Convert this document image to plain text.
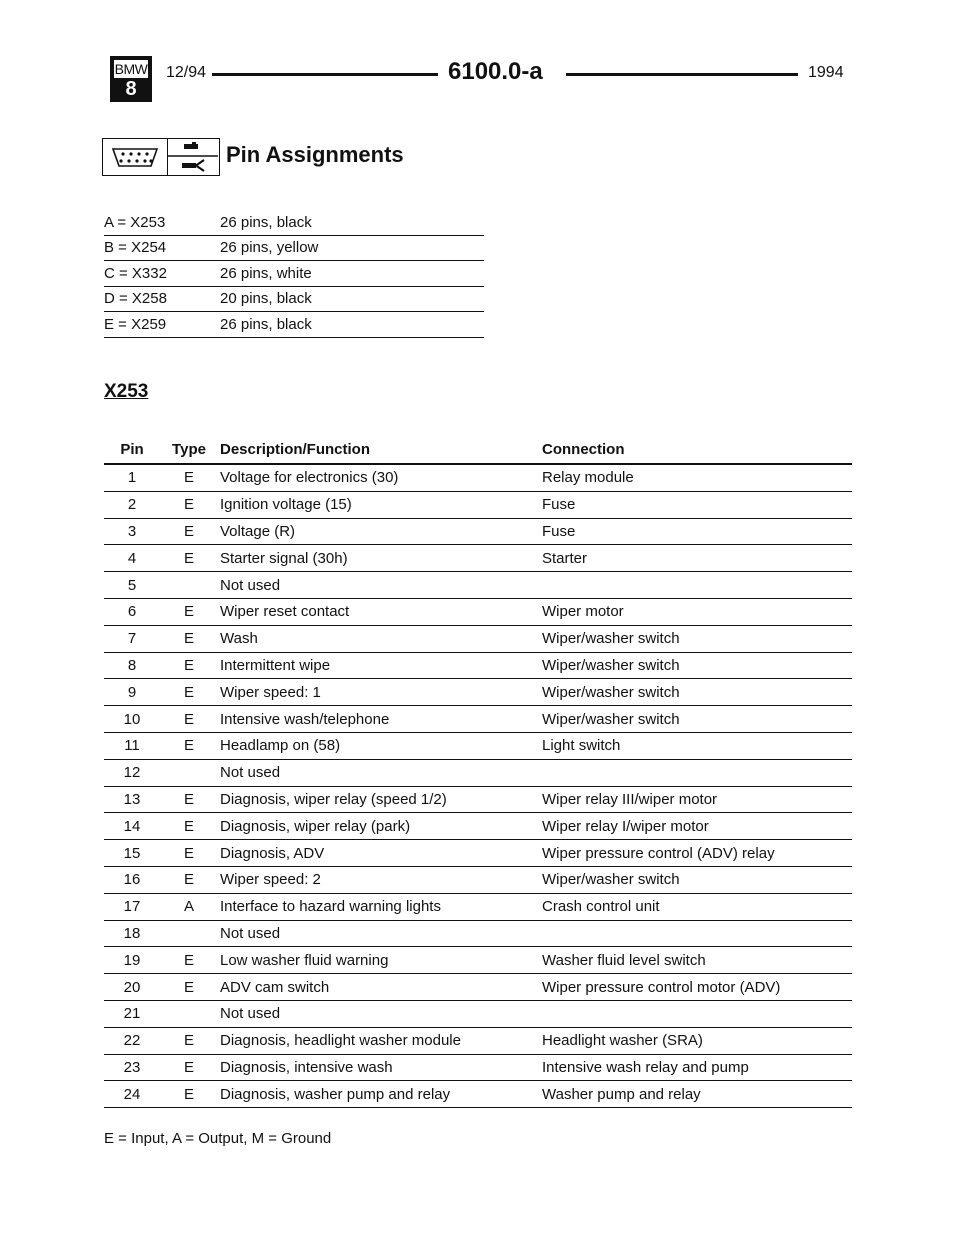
BMW
8
12/94	6100.0-a	1994
Pin Assignments
A = X253	26 pins, black
B = X254	26 pins, yellow
C = X332	26 pins, white
D = X258	20 pins, black
E = X259	26 pins, black
X253
Pin	Type	Description/Function	Connection
1	E	Voltage for electronics (30)	Relay module
2	E	Ignition voltage (15)	Fuse
3	E	Voltage (R)	Fuse
4	E	Starter signal (30h)	Starter
5		Not used	
6	E	Wiper reset contact	Wiper motor
7	E	Wash	Wiper/washer switch
8	E	Intermittent wipe	Wiper/washer switch
9	E	Wiper speed: 1	Wiper/washer switch
10	E	Intensive wash/telephone	Wiper/washer switch
11	E	Headlamp on (58)	Light switch
12		Not used	
13	E	Diagnosis, wiper relay (speed 1/2)	Wiper relay III/wiper motor
14	E	Diagnosis, wiper relay (park)	Wiper relay I/wiper motor
15	E	Diagnosis, ADV	Wiper pressure control (ADV) relay
16	E	Wiper speed: 2	Wiper/washer switch
17	A	Interface to hazard warning lights	Crash control unit
18		Not used	
19	E	Low washer fluid warning	Washer fluid level switch
20	E	ADV cam switch	Wiper pressure control motor (ADV)
21		Not used	
22	E	Diagnosis, headlight washer module	Headlight washer (SRA)
23	E	Diagnosis, intensive wash	Intensive wash relay and pump
24	E	Diagnosis, washer pump and relay	Washer pump and relay
E = Input, A = Output, M = Ground
